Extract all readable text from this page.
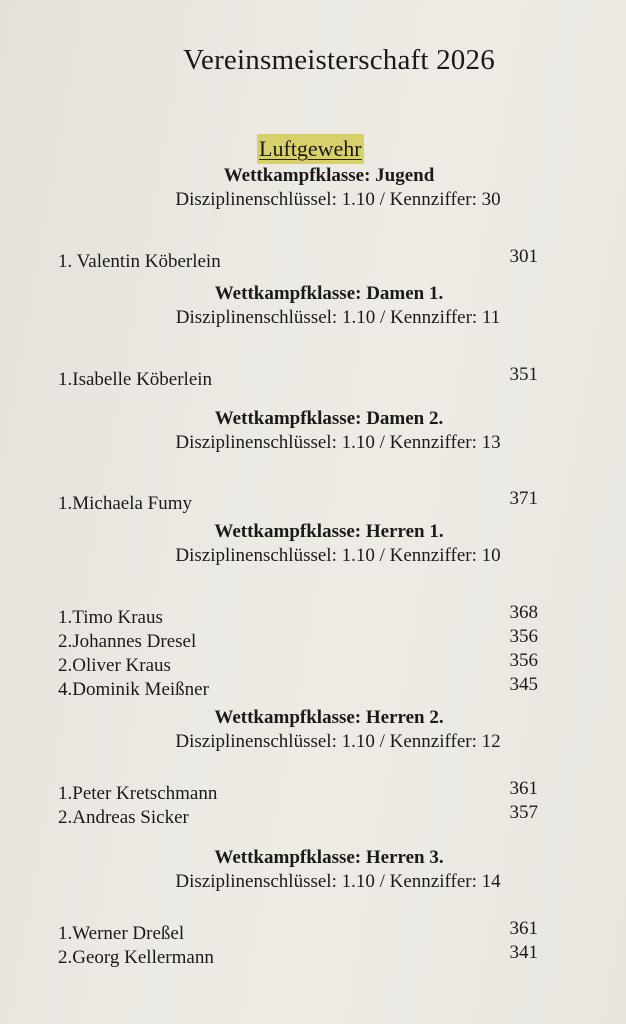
Vereinsmeisterschaft 2026
Luftgewehr
Wettkampfklasse: Jugend
Disziplinenschlüssel: 1.10 / Kennziffer: 30
1. Valentin Köberlein	301
Wettkampfklasse: Damen 1.
Disziplinenschlüssel: 1.10 / Kennziffer: 11
1.Isabelle Köberlein	351
Wettkampfklasse: Damen 2.
Disziplinenschlüssel: 1.10 / Kennziffer: 13
1.Michaela Fumy	371
Wettkampfklasse: Herren 1.
Disziplinenschlüssel: 1.10 / Kennziffer: 10
1.Timo Kraus	368
2.Johannes Dresel	356
2.Oliver Kraus	356
4.Dominik Meißner	345
Wettkampfklasse: Herren 2.
Disziplinenschlüssel: 1.10 / Kennziffer: 12
1.Peter Kretschmann	361
2.Andreas Sicker	357
Wettkampfklasse: Herren 3.
Disziplinenschlüssel: 1.10 / Kennziffer: 14
1.Werner Dreßel	361
2.Georg Kellermann	341
